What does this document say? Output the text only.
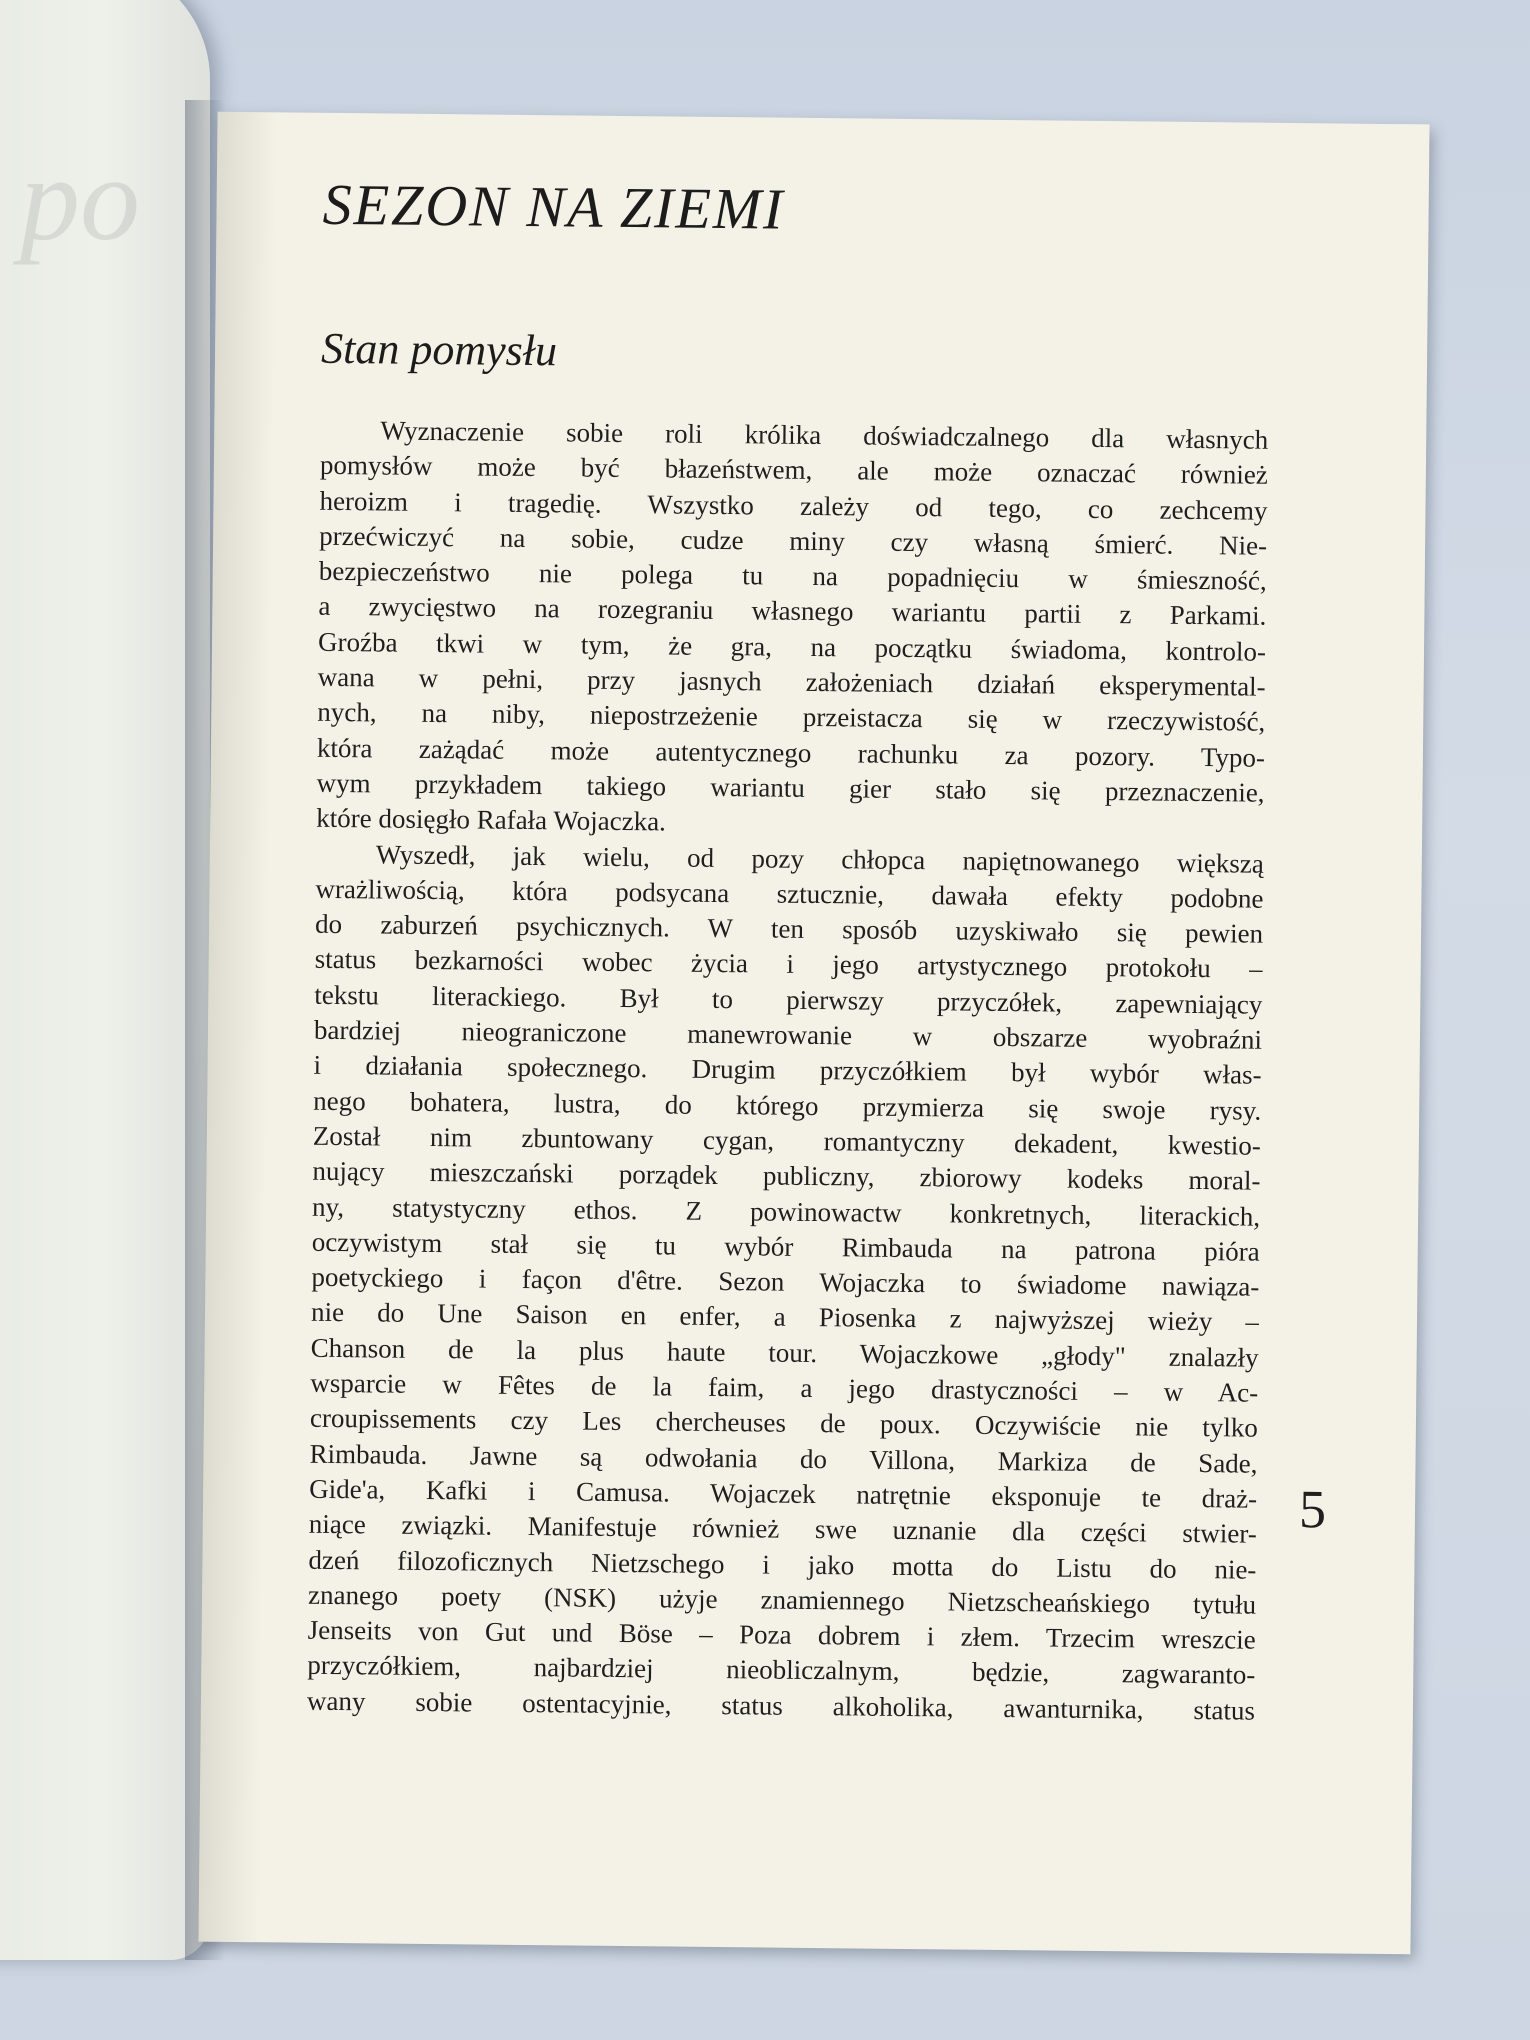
po	SEZON NA ZIEMI
Stan pomysłu
Wyznaczenie sobie roli królika doświadczalnego dla własnych
pomysłów może być błazeństwem, ale może oznaczać również
heroizm i tragedię. Wszystko zależy od tego, co zechcemy
przećwiczyć na sobie, cudze miny czy własną śmierć. Nie-
bezpieczeństwo nie polega tu na popadnięciu w śmieszność,
a zwycięstwo na rozegraniu własnego wariantu partii z Parkami.
Groźba tkwi w tym, że gra, na początku świadoma, kontrolo-
wana w pełni, przy jasnych założeniach działań eksperymental-
nych, na niby, niepostrzeżenie przeistacza się w rzeczywistość,
która zażądać może autentycznego rachunku za pozory. Typo-
wym przykładem takiego wariantu gier stało się przeznaczenie,
które dosięgło Rafała Wojaczka.
Wyszedł, jak wielu, od pozy chłopca napiętnowanego większą
wrażliwością, która podsycana sztucznie, dawała efekty podobne
do zaburzeń psychicznych. W ten sposób uzyskiwało się pewien
status bezkarności wobec życia i jego artystycznego protokołu –
tekstu literackiego. Był to pierwszy przyczółek, zapewniający
bardziej nieograniczone manewrowanie w obszarze wyobraźni
i działania społecznego. Drugim przyczółkiem był wybór włas-
nego bohatera, lustra, do którego przymierza się swoje rysy.
Został nim zbuntowany cygan, romantyczny dekadent, kwestio-
nujący mieszczański porządek publiczny, zbiorowy kodeks moral-
ny, statystyczny ethos. Z powinowactw konkretnych, literackich,
oczywistym stał się tu wybór Rimbauda na patrona pióra
poetyckiego i façon d'être. Sezon Wojaczka to świadome nawiąza-
nie do Une Saison en enfer, a Piosenka z najwyższej wieży –
Chanson de la plus haute tour. Wojaczkowe „głody" znalazły
wsparcie w Fêtes de la faim, a jego drastyczności – w Ac-
croupissements czy Les chercheuses de poux. Oczywiście nie tylko
Rimbauda. Jawne są odwołania do Villona, Markiza de Sade,
Gide'a, Kafki i Camusa. Wojaczek natrętnie eksponuje te draż-
niące związki. Manifestuje również swe uznanie dla części stwier-
dzeń filozoficznych Nietzschego i jako motta do Listu do nie-
znanego poety (NSK) użyje znamiennego Nietzscheańskiego tytułu
Jenseits von Gut und Böse – Poza dobrem i złem. Trzecim wreszcie
przyczółkiem, najbardziej nieobliczalnym, będzie, zagwaranto-
wany sobie ostentacyjnie, status alkoholika, awanturnika, status
5
